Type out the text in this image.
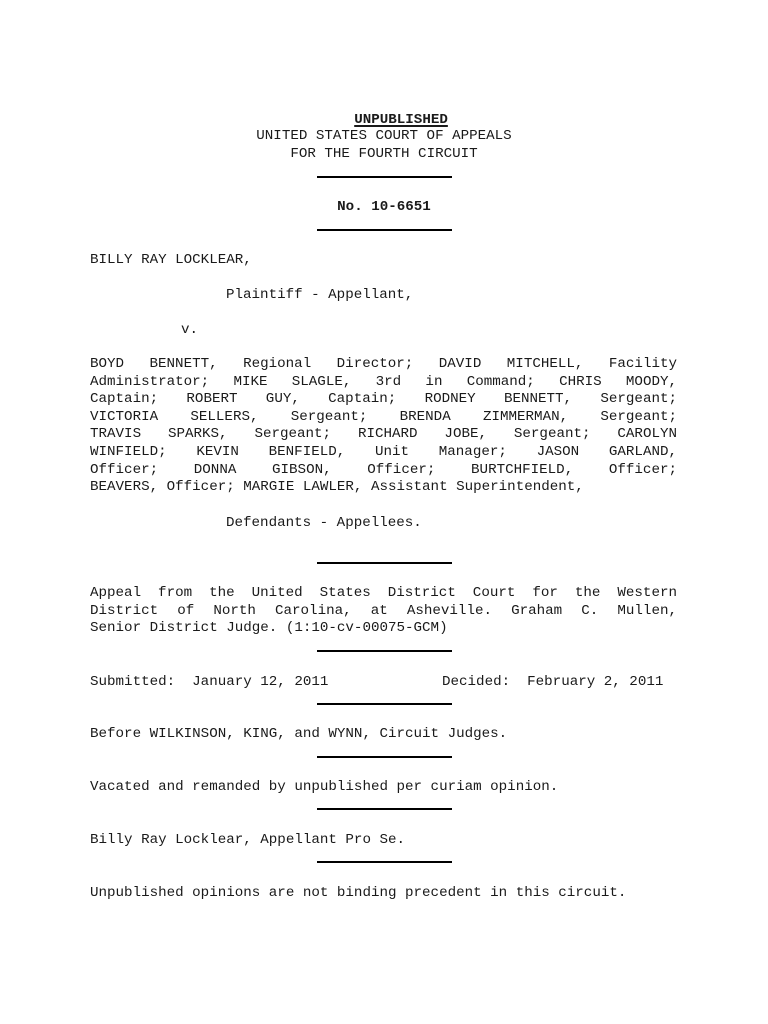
UNPUBLISHED

UNITED STATES COURT OF APPEALS
FOR THE FOURTH CIRCUIT
No. 10-6651
BILLY RAY LOCKLEAR,
Plaintiff - Appellant,
v.
BOYD BENNETT, Regional Director; DAVID MITCHELL, Facility
Administrator; MIKE SLAGLE, 3rd in Command; CHRIS MOODY,
Captain; ROBERT GUY, Captain; RODNEY BENNETT, Sergeant;
VICTORIA SELLERS, Sergeant; BRENDA ZIMMERMAN, Sergeant;
TRAVIS SPARKS, Sergeant; RICHARD JOBE, Sergeant; CAROLYN
WINFIELD; KEVIN BENFIELD, Unit Manager; JASON GARLAND,
Officer; DONNA GIBSON, Officer; BURTCHFIELD, Officer;
BEAVERS, Officer; MARGIE LAWLER, Assistant Superintendent,
Defendants - Appellees.
Appeal from the United States District Court for the Western
District of North Carolina, at Asheville. Graham C. Mullen,
Senior District Judge. (1:10-cv-00075-GCM)
Submitted:  January 12, 2011	Decided:  February 2, 2011
Before WILKINSON, KING, and WYNN, Circuit Judges.
Vacated and remanded by unpublished per curiam opinion.
Billy Ray Locklear, Appellant Pro Se.
Unpublished opinions are not binding precedent in this circuit.
